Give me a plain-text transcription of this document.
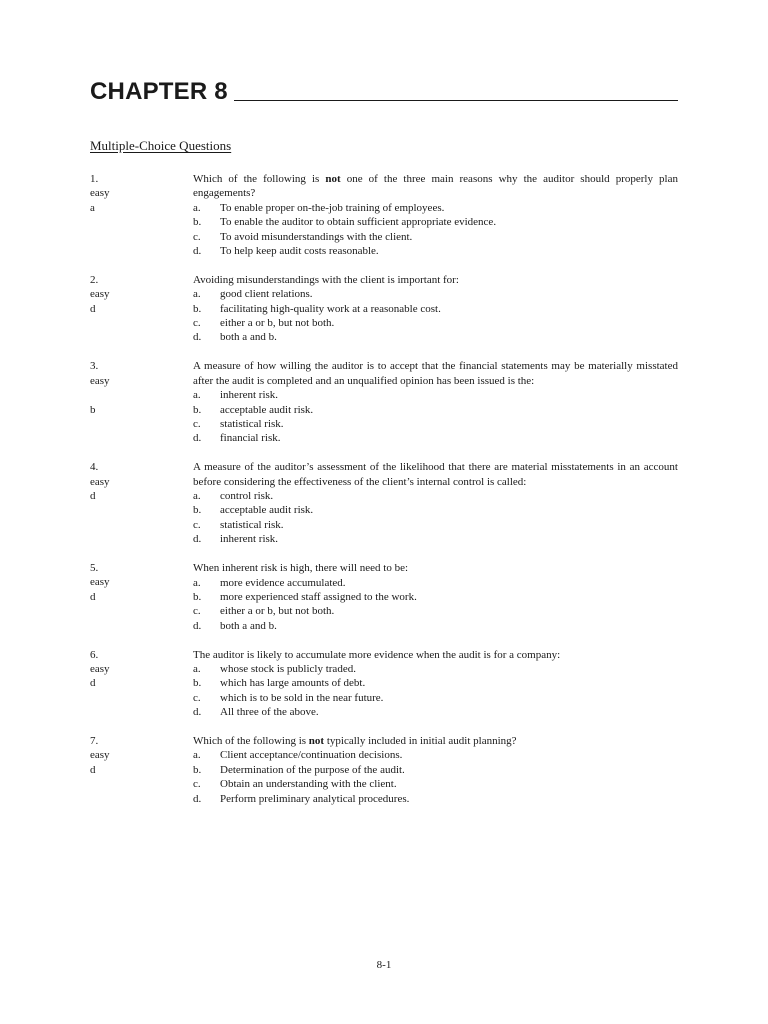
CHAPTER 8
Multiple-Choice Questions
1.
easy
a
Which of the following is not one of the three main reasons why the auditor should properly plan engagements?
a.	To enable proper on-the-job training of employees.
b.	To enable the auditor to obtain sufficient appropriate evidence.
c.	To avoid misunderstandings with the client.
d.	To help keep audit costs reasonable.
2.
easy
d
Avoiding misunderstandings with the client is important for:
a.	good client relations.
b.	facilitating high-quality work at a reasonable cost.
c.	either a or b, but not both.
d.	both a and b.
3.
easy
b
A measure of how willing the auditor is to accept that the financial statements may be materially misstated after the audit is completed and an unqualified opinion has been issued is the:
a.	inherent risk.
b.	acceptable audit risk.
c.	statistical risk.
d.	financial risk.
4.
easy
d
A measure of the auditor’s assessment of the likelihood that there are material misstatements in an account before considering the effectiveness of the client’s internal control is called:
a.	control risk.
b.	acceptable audit risk.
c.	statistical risk.
d.	inherent risk.
5.
easy
d
When inherent risk is high, there will need to be:
a.	more evidence accumulated.
b.	more experienced staff assigned to the work.
c.	either a or b, but not both.
d.	both a and b.
6.
easy
d
The auditor is likely to accumulate more evidence when the audit is for a company:
a.	whose stock is publicly traded.
b.	which has large amounts of debt.
c.	which is to be sold in the near future.
d.	All three of the above.
7.
easy
d
Which of the following is not typically included in initial audit planning?
a.	Client acceptance/continuation decisions.
b.	Determination of the purpose of the audit.
c.	Obtain an understanding with the client.
d.	Perform preliminary analytical procedures.
8-1
